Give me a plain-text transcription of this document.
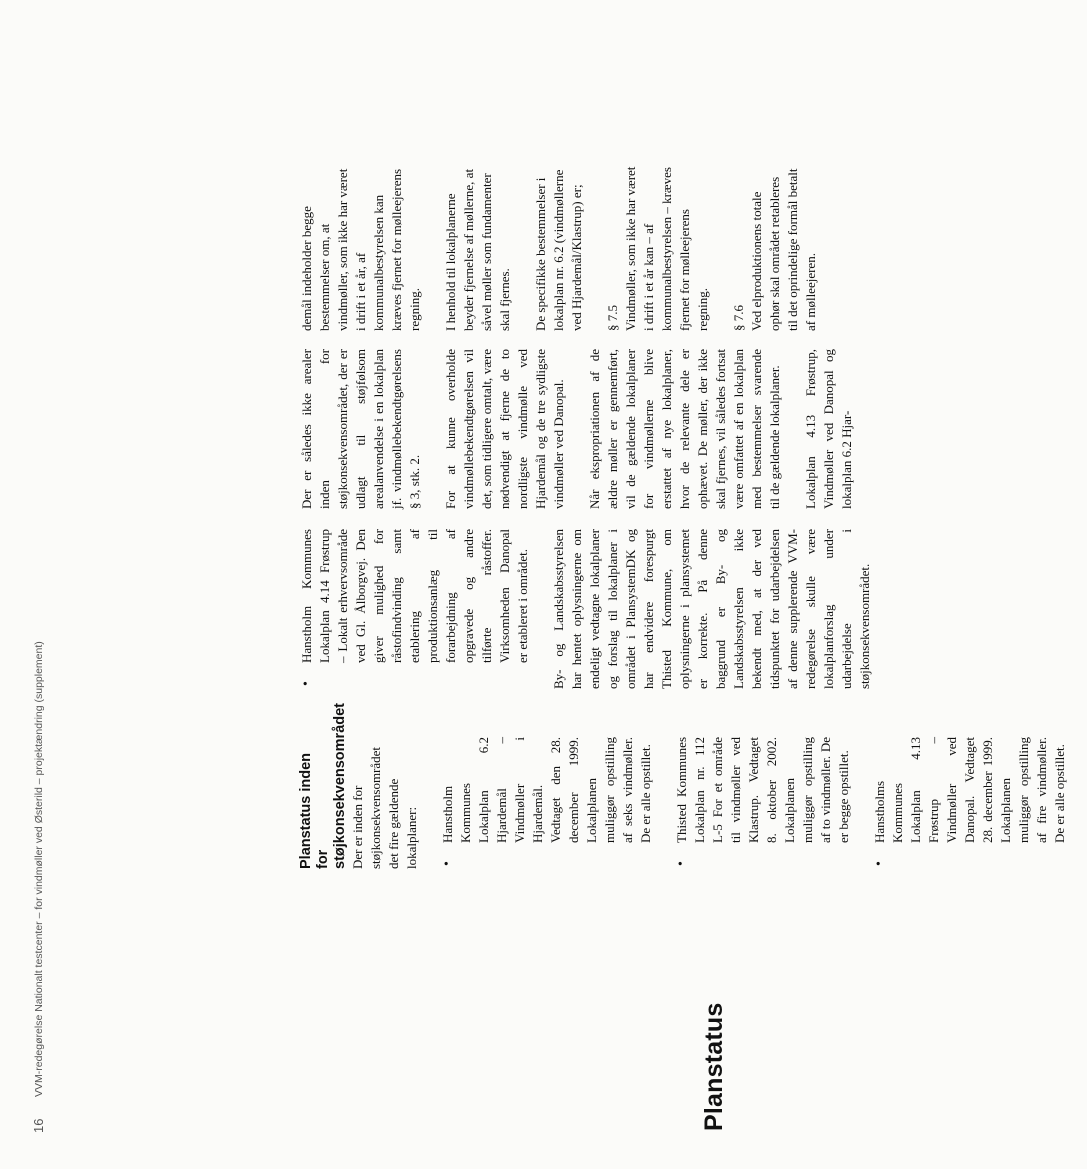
16
VVM-redegørelse Nationalt testcenter – for vindmøller ved Østerild – projektændring (supplement)	Planstatus

Planstatus inden for støjkonsekvensområdet Der er inden for støjkonsekvensområdet det fire gældende lokalplaner: • Hanstholm Kommunes Lokalplan 6.2 Hjardemål – Vindmøller i Hjardemål. Vedtaget den 28. december 1999. Lokalplanen muliggør opstilling af seks vindmøller. De er alle opstillet. • Thisted Kommunes Lokalplan nr. 112 L-5 For et område til vindmøller ved Klastrup. Vedtaget 8. oktober 2002. Lokalplanen muliggør opstilling af to vindmøller. De er begge opstillet. • Hanstholms Kommunes Lokalplan 4.13 Frøstrup – Vindmøller ved Danopal. Vedtaget 28. december 1999. Lokalplanen muliggør opstilling af fire vindmøller. De er alle opstillet.
• Hanstholm Kommunes Lokalplan 4.14 Frøstrup – Lokalt erhvervsområde ved Gl. Ålborgvej. Den giver mulighed for råstofindvinding samt etablering af produktionsanlæg til forarbejdning af opgravede og andre tilførte råstoffer. Virksomheden Danopal er etableret i området. By- og Landskabsstyrelsen har hentet oplysningerne om endeligt vedtagne lokalplaner og forslag til lokalplaner i området i PlansystemDK og har endvidere forespurgt Thisted Kommune, om oplysningerne i plansystemet er korrekte. På denne baggrund er By- og Landskabsstyrelsen ikke bekendt med, at der ved tidspunktet for udarbejdelsen af denne supplerende VVM-redegørelse skulle være lokalplanforslag under udarbejdelse i støjkonsekvensområdet.

Der er således ikke arealer inden for støjkonsekvensområdet, der er udlagt til støjfølsom arealanvendelse i en lokalplan jf. vindmøllebekendtgørelsens § 3, stk. 2. For at kunne overholde vindmøllebekendtgørelsen vil det, som tidligere omtalt, være nødvendigt at fjerne de to nordligste vindmølle ved Hjardemål og de tre sydligste vindmøller ved Danopal. Når ekspropriationen af de ældre møller er gennemført, vil de gældende lokalplaner for vindmøllerne blive erstattet af nye lokalplaner, hvor de relevante dele er ophævet. De møller, der ikke skal fjernes, vil således fortsat være omfattet af en lokalplan med bestemmelser svarende til de gældende lokalplaner. Lokalplan 4.13 Frøstrup, Vindmøller ved Danopal og lokalplan 6.2 Hjar-

demål indeholder begge bestemmelser om, at vindmøller, som ikke har været i drift i et år, af kommunalbestyrelsen kan kræves fjernet for mølleejerens regning. I henhold til lokalplanerne beyder fjernelse af møllerne, at såvel møller som fundamenter skal fjernes. De specifikke bestemmelser i lokalplan nr. 6.2 (vindmøllerne ved Hjardemål/Klastrup) er; § 7.5 Vindmøller, som ikke har været i drift i et år kan – af kommunalbestyrelsen – kræves fjernet for mølleejerens regning. § 7.6 Ved elproduktionens totale ophør skal området retableres til det oprindelige formål betalt af mølleejeren.
